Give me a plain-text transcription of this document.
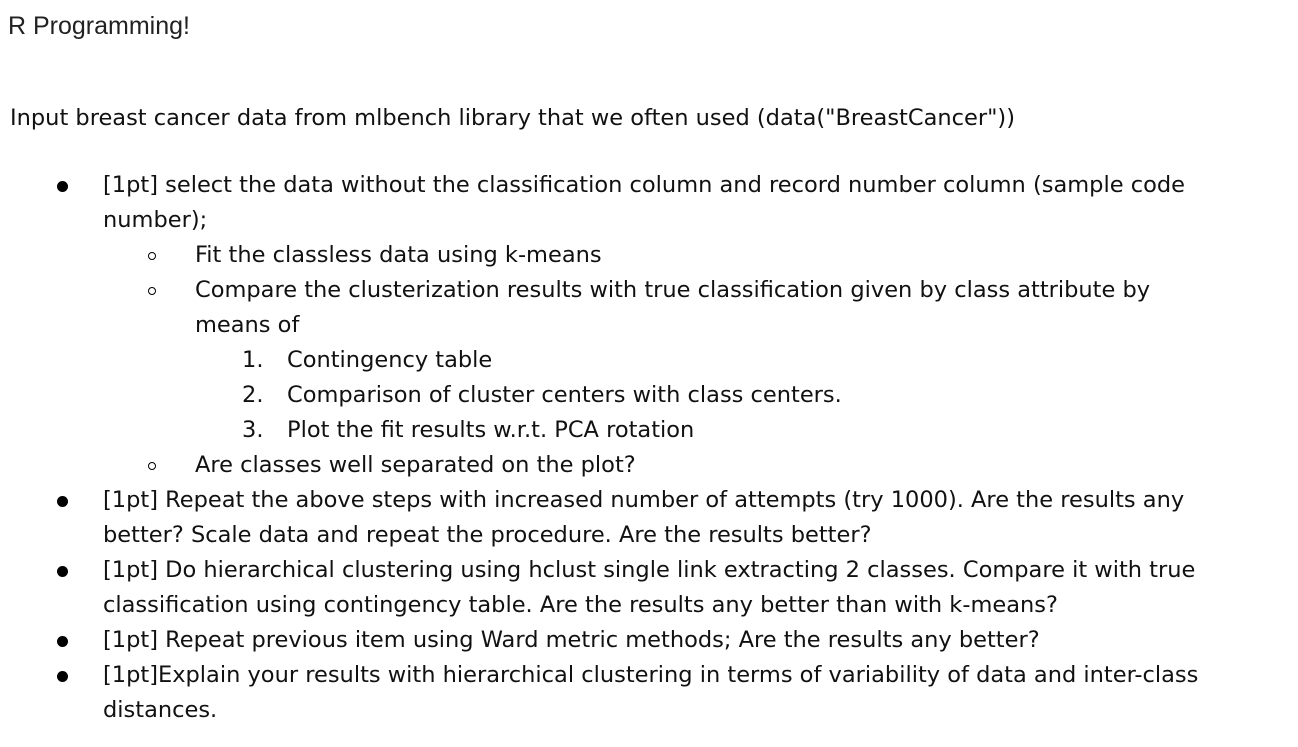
R Programming!
Input breast cancer data from mlbench library that we often used (data("BreastCancer"))
[1pt] select the data without the classification column and record number column (sample code number);
Fit the classless data using k-means
Compare the clusterization results with true classification given by class attribute by means of
1. Contingency table
2. Comparison of cluster centers with class centers.
3. Plot the fit results w.r.t. PCA rotation
Are classes well separated on the plot?
[1pt] Repeat the above steps with increased number of attempts (try 1000). Are the results any better? Scale data and repeat the procedure. Are the results better?
[1pt] Do hierarchical clustering using hclust single link extracting 2 classes. Compare it with true classification using contingency table. Are the results any better than with k-means?
[1pt] Repeat previous item using Ward metric methods; Are the results any better?
[1pt]Explain your results with hierarchical clustering in terms of variability of data and inter-class distances.
